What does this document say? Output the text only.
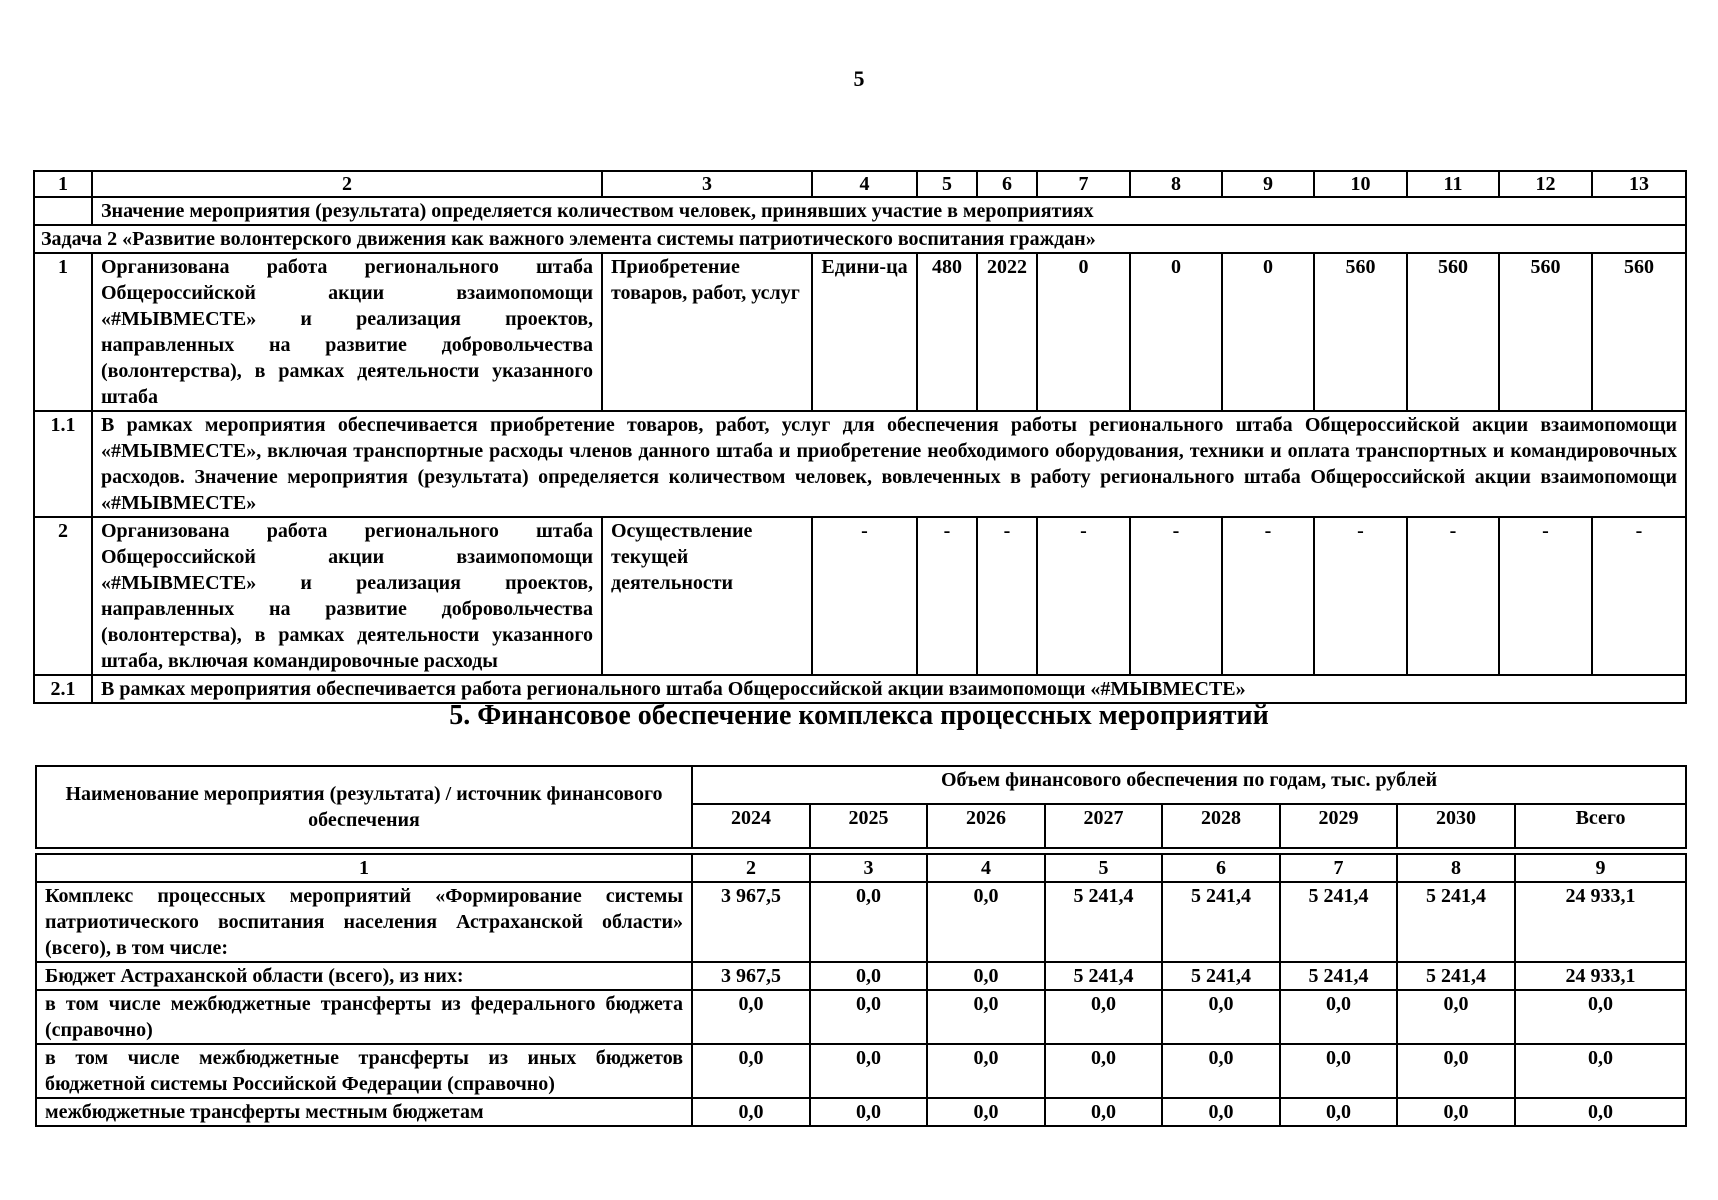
5
1	2	3	4	5	6	7	8	9	10	11	12	13
	Значение мероприятия (результата) определяется количеством человек, принявших участие в мероприятиях											
Задача 2 «Развитие волонтерского движения как важного элемента системы патриотического воспитания граждан»												
1	Организована работа регионального штаба Общероссийской акции взаимопомощи «#МЫВМЕСТЕ» и реализация проектов, направленных на развитие добровольчества (волонтерства), в рамках деятельности указанного штаба	Приобретение товаров, работ, услуг	Едини-ца	480	2022	0	0	0	560	560	560	560
1.1	В рамках мероприятия обеспечивается приобретение товаров, работ, услуг для обеспечения работы регионального штаба Общероссийской акции взаимопомощи «#МЫВМЕСТЕ», включая транспортные расходы членов данного штаба и приобретение необходимого оборудования, техники и оплата транспортных и командировочных расходов. Значение мероприятия (результата) определяется количеством человек, вовлеченных в работу регионального штаба Общероссийской акции взаимопомощи «#МЫВМЕСТЕ»											
2	Организована работа регионального штаба Общероссийской акции взаимопомощи «#МЫВМЕСТЕ» и реализация проектов, направленных на развитие добровольчества (волонтерства), в рамках деятельности указанного штаба, включая командировочные расходы	Осуществление текущей деятельности	-	-	-	-	-	-	-	-	-	-
2.1	В рамках мероприятия обеспечивается работа регионального штаба Общероссийской акции взаимопомощи «#МЫВМЕСТЕ»											
5. Финансовое обеспечение комплекса процессных мероприятий
Наименование мероприятия (результата) / источник финансового обеспечения	Объем финансового обеспечения по годам, тыс. рублей							
	2024	2025	2026	2027	2028	2029	2030	Всего

1	2	3	4	5	6	7	8	9
Комплекс процессных мероприятий «Формирование системы патриотического воспитания населения Астраханской области» (всего), в том числе:	3 967,5	0,0	0,0	5 241,4	5 241,4	5 241,4	5 241,4	24 933,1
Бюджет Астраханской области (всего), из них:	3 967,5	0,0	0,0	5 241,4	5 241,4	5 241,4	5 241,4	24 933,1
в том числе межбюджетные трансферты из федерального бюджета (справочно)	0,0	0,0	0,0	0,0	0,0	0,0	0,0	0,0
в том числе межбюджетные трансферты из иных бюджетов бюджетной системы Российской Федерации (справочно)	0,0	0,0	0,0	0,0	0,0	0,0	0,0	0,0
межбюджетные трансферты местным бюджетам	0,0	0,0	0,0	0,0	0,0	0,0	0,0	0,0
